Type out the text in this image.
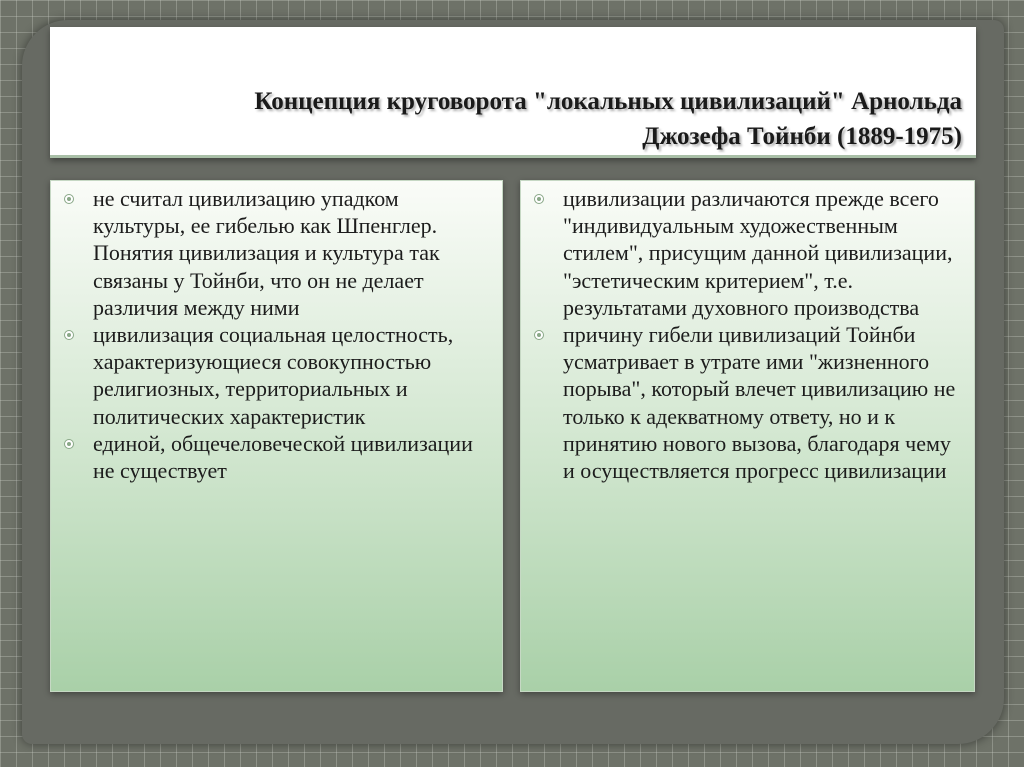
Концепция круговорота "локальных цивилизаций" Арнольда
Джозефа Тойнби (1889-1975)
не считал цивилизацию упадком культуры, ее гибелью как Шпенглер. Понятия цивилизация и культура так связаны у Тойнби, что он не делает различия между ними
цивилизация социальная целостность, характеризующиеся совокупностью религиозных, территориальных и политических характеристик
единой, общечеловеческой цивилизации не существует
цивилизации различаются прежде всего "индивидуальным художественным стилем", присущим данной цивилизации, "эстетическим критерием", т.е. результатами духовного производства
причину гибели цивилизаций Тойнби усматривает в утрате ими "жизненного порыва", который влечет цивилизацию не только к адекватному ответу, но и к принятию нового вызова, благодаря чему и осуществляется прогресс цивилизации
